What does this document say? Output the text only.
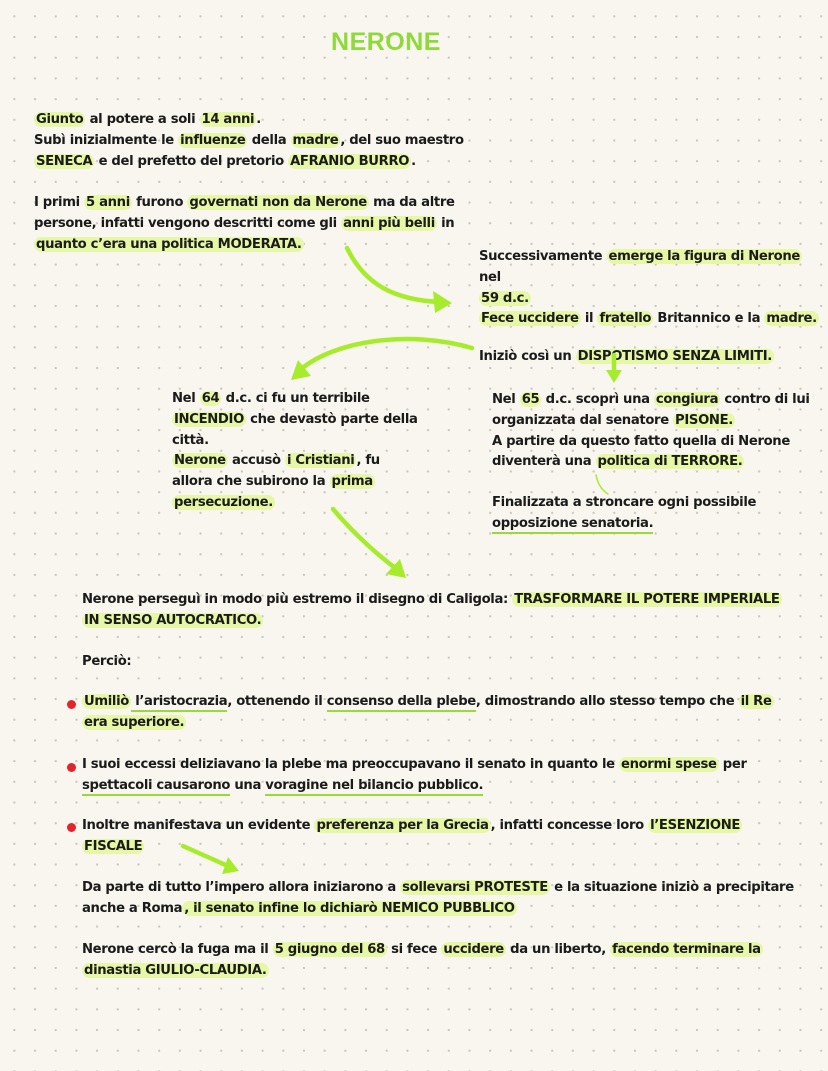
NERONE

Giunto al potere a soli 14 anni .

Subì inizialmente le influenze della madre , del suo maestro

SENECA e del prefetto del pretorio AFRANIO BURRO .

I primi 5 anni furono governati non da Nerone ma da altre persone, infatti vengono descritti come gli anni più belli in quanto c’era una politica MODERATA.

Successivamente emerge la figura di Nerone nel
59 d.c.

Fece uccidere il fratello Britannico e la madre.

Iniziò così un DISPOTISMO SENZA LIMITI.

Nel 64 d.c. ci fu un terribile INCENDIO che devastò parte della città.

Nerone accusò i Cristiani , fu allora che subirono la prima persecuzione.

Nel 65 d.c. scoprì una congiura contro di lui organizzata dal senatore PISONE.

A partire da questo fatto quella di Nerone diventerà una politica di TERRORE.

Finalizzata a stroncare ogni possibile
opposizione senatoria.

Nerone perseguì in modo più estremo il disegno di Caligola: TRASFORMARE IL POTERE IMPERIALE IN SENSO AUTOCRATICO.

Perciò:

Umiliò l’aristocrazia, ottenendo il consenso della plebe, dimostrando allo stesso tempo che il Re era superiore.

I suoi eccessi deliziavano la plebe ma preoccupavano il senato in quanto le enormi spese per spettacoli causarono una voragine nel bilancio pubblico.

Inoltre manifestava un evidente preferenza per la Grecia , infatti concesse loro l’ESENZIONE FISCALE

Da parte di tutto l’impero allora iniziarono a sollevarsi PROTESTE e la situazione iniziò a precipitare anche a Roma , il senato infine lo dichiarò NEMICO PUBBLICO

Nerone cercò la fuga ma il 5 giugno del 68 si fece uccidere da un liberto, facendo terminare la dinastia GIULIO-CLAUDIA.
